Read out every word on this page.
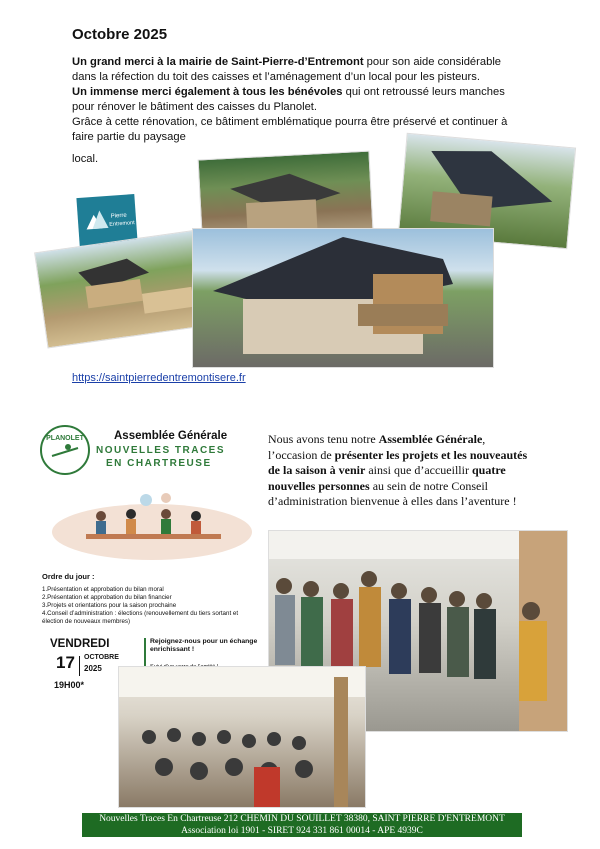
Octobre 2025
Un grand merci à la mairie de Saint-Pierre-d’Entremont pour son aide considérable dans la réfection du toit des caisses et l’aménagement d’un local pour les pisteurs.
Un immense merci également à tous les bénévoles qui ont retroussé leurs manches pour rénover le bâtiment des caisses du Planolet.
Grâce à cette rénovation, ce bâtiment emblématique pourra être préservé et continuer à faire partie du paysage
local.
Pierre
Entremont
https://saintpierredentremontisere.fr
PLANOLET	Assemblée Générale
NOUVELLES TRACES
EN CHARTREUSE
Ordre du jour :
1.Présentation et approbation du bilan moral
2.Présentation et approbation du bilan financier
3.Projets et orientations pour la saison prochaine
4.Conseil d’administration : élections (renouvellement du tiers sortant et élection de nouveaux membres)
VENDREDI
17 OCTOBRE
2025
19H00*
Rejoignez-nous pour un échange enrichissant !
Nous avons tenu notre Assemblée Générale, l’occasion de présenter les projets et les nouveautés de la saison à venir ainsi que d’accueillir quatre nouvelles personnes au sein de notre Conseil d’administration bienvenue à elles dans l’aventure !
Nouvelles Traces En Chartreuse 212 CHEMIN DU SOUILLET 38380, SAINT PIERRE D'ENTREMONT
Association loi 1901 - SIRET 924 331 861 00014 - APE 4939C
